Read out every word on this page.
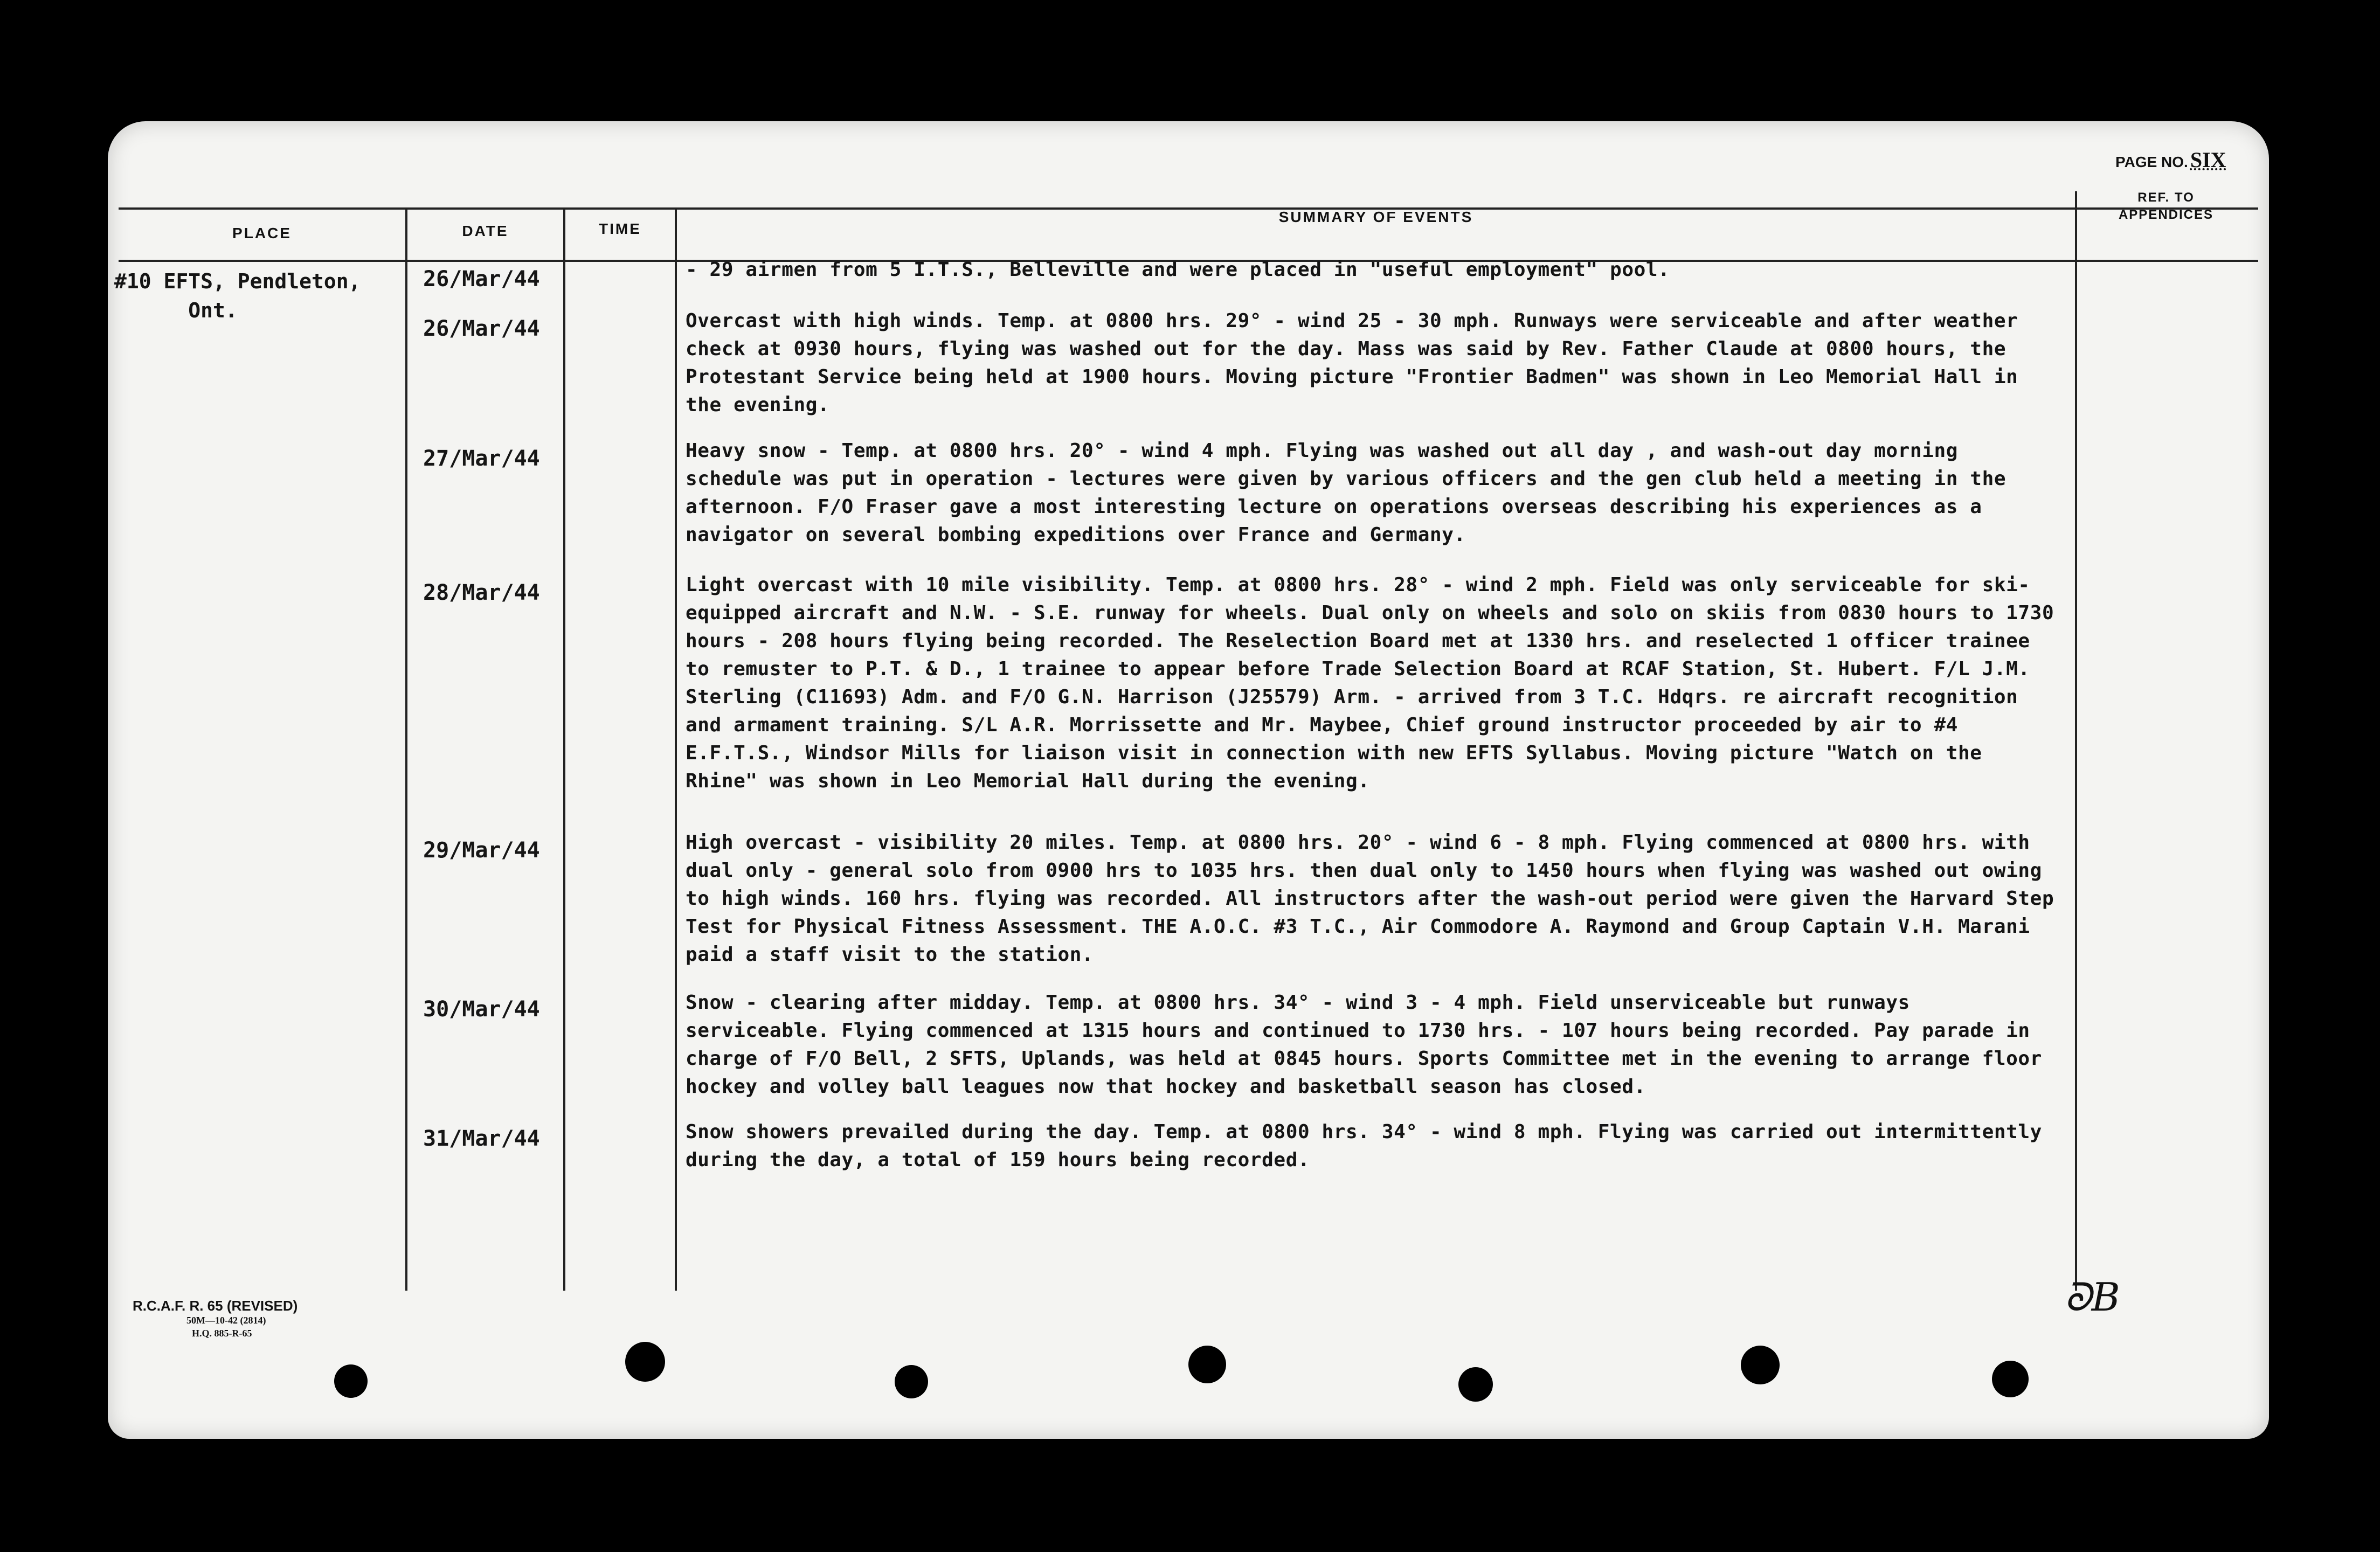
PAGE NO. SIX
PLACE	DATE	TIME
SUMMARY OF EVENTS
REF. TO
APPENDICES
#10 EFTS, Pendleton,
Ont.
26/Mar/44
26/Mar/44
27/Mar/44
28/Mar/44
29/Mar/44
30/Mar/44
31/Mar/44
- 29 airmen from 5 I.T.S., Belleville and were placed in "useful employment" pool.
Overcast with high winds. Temp. at 0800 hrs. 29° - wind 25 - 30 mph. Runways were serviceable and after weather check at 0930 hours, flying was washed out for the day. Mass was said by Rev. Father Claude at 0800 hours, the Protestant Service being held at 1900 hours. Moving picture "Frontier Badmen" was shown in Leo Memorial Hall in the evening.
Heavy snow - Temp. at 0800 hrs. 20° - wind 4 mph. Flying was washed out all day , and wash-out day morning schedule was put in operation - lectures were given by various officers and the gen club held a meeting in the afternoon. F/O Fraser gave a most interesting lecture on operations overseas describing his experiences as a navigator on several bombing expeditions over France and Germany.
Light overcast with 10 mile visibility. Temp. at 0800 hrs. 28° - wind 2 mph. Field was only serviceable for ski-equipped aircraft and N.W. - S.E. runway for wheels. Dual only on wheels and solo on skiis from 0830 hours to 1730 hours - 208 hours flying being recorded. The Reselection Board met at 1330 hrs. and reselected 1 officer trainee to remuster to P.T. & D., 1 trainee to appear before Trade Selection Board at RCAF Station, St. Hubert. F/L J.M. Sterling (C11693) Adm. and F/O G.N. Harrison (J25579) Arm. - arrived from 3 T.C. Hdqrs. re aircraft recognition and armament training. S/L A.R. Morrissette and Mr. Maybee, Chief ground instructor proceeded by air to #4 E.F.T.S., Windsor Mills for liaison visit in connection with new EFTS Syllabus. Moving picture "Watch on the Rhine" was shown in Leo Memorial Hall during the evening.
High overcast - visibility 20 miles. Temp. at 0800 hrs. 20° - wind 6 - 8 mph. Flying commenced at 0800 hrs. with dual only - general solo from 0900 hrs to 1035 hrs. then dual only to 1450 hours when flying was washed out owing to high winds. 160 hrs. flying was recorded. All instructors after the wash-out period were given the Harvard Step Test for Physical Fitness Assessment. THE A.O.C. #3 T.C., Air Commodore A. Raymond and Group Captain V.H. Marani paid a staff visit to the station.
Snow - clearing after midday. Temp. at 0800 hrs. 34° - wind 3 - 4 mph. Field unserviceable but runways serviceable. Flying commenced at 1315 hours and continued to 1730 hrs. - 107 hours being recorded. Pay parade in charge of F/O Bell, 2 SFTS, Uplands, was held at 0845 hours. Sports Committee met in the evening to arrange floor hockey and volley ball leagues now that hockey and basketball season has closed.
Snow showers prevailed during the day. Temp. at 0800 hrs. 34° - wind 8 mph. Flying was carried out intermittently during the day, a total of 159 hours being recorded.
R.C.A.F. R. 65 (REVISED)
50M—10-42 (2814)
H.Q. 885-R-65
ᘐB
